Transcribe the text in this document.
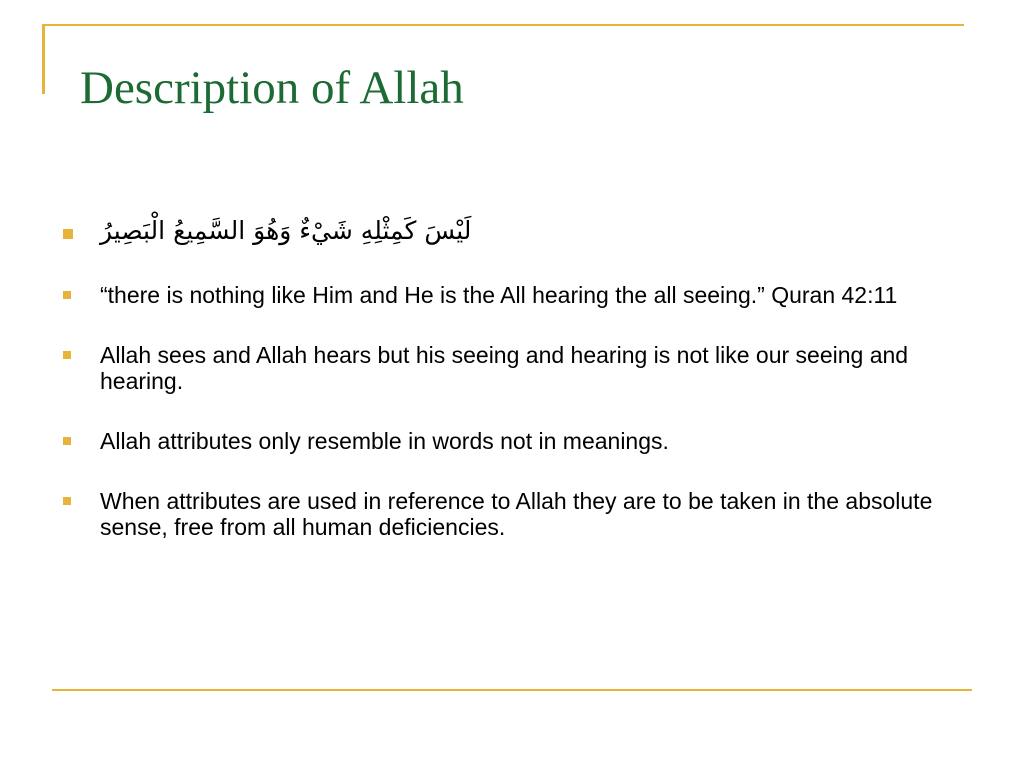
Description of Allah
لَيْسَ كَمِثْلِهِ شَيْءٌ وَهُوَ السَّمِيعُ الْبَصِيرُ
“there is nothing like Him and He is the All hearing the all seeing.” Quran 42:11
Allah sees and Allah hears but his seeing and hearing is not like our seeing and hearing.
Allah attributes only resemble in words not in meanings.
When attributes are used in reference to Allah they are to be taken in the absolute sense, free from all human deficiencies.
